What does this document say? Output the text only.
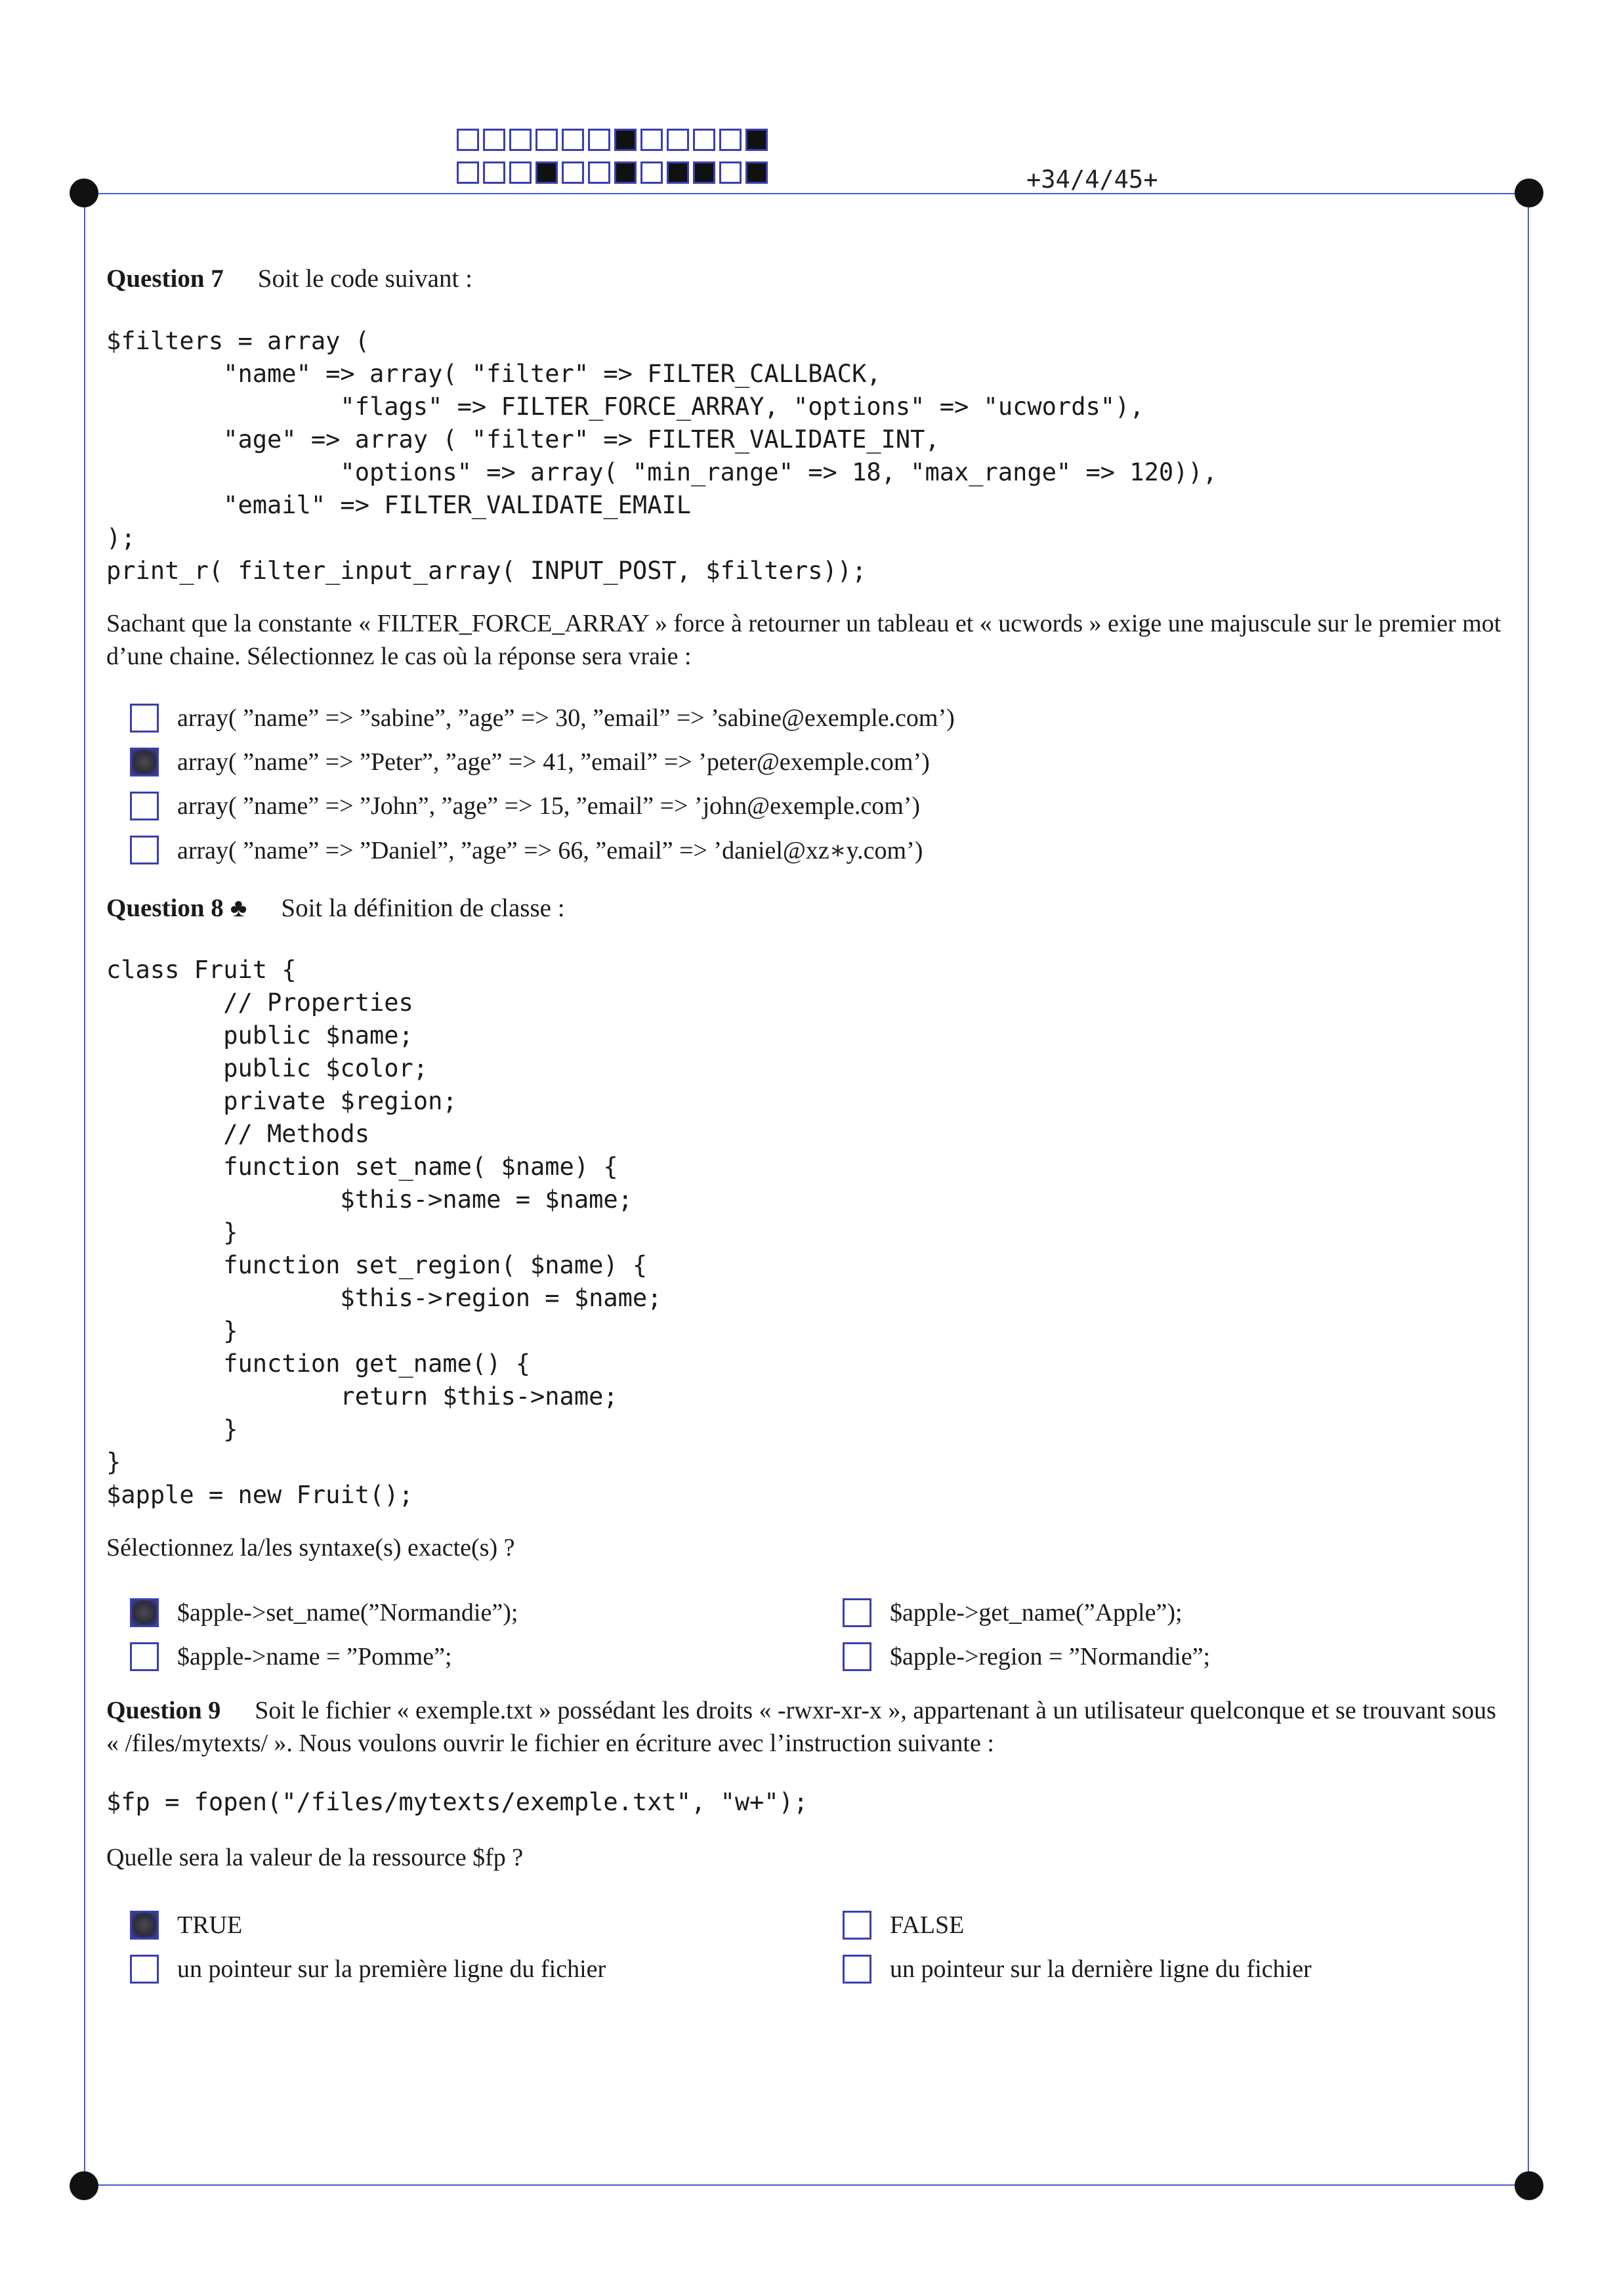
+34/4/45+
Question 7 Soit le code suivant :
$filters = array (
"name" => array( "filter" => FILTER_CALLBACK,
"flags" => FILTER_FORCE_ARRAY, "options" => "ucwords"),
"age" => array ( "filter" => FILTER_VALIDATE_INT,
"options" => array( "min_range" => 18, "max_range" => 120)),
"email" => FILTER_VALIDATE_EMAIL
);
print_r( filter_input_array( INPUT_POST, $filters));
Sachant que la constante « FILTER_FORCE_ARRAY » force à retourner un tableau et « ucwords » exige une majuscule sur le premier mot d’une chaine. Sélectionnez le cas où la réponse sera vraie :
array( ”name” => ”sabine”, ”age” => 30, ”email” => ’sabine@exemple.com’)
array( ”name” => ”Peter”, ”age” => 41, ”email” => ’peter@exemple.com’)
array( ”name” => ”John”, ”age” => 15, ”email” => ’john@exemple.com’)
array( ”name” => ”Daniel”, ”age” => 66, ”email” => ’daniel@xz∗y.com’)
Question 8 ♣ Soit la définition de classe :
class Fruit {
// Properties
public $name;
public $color;
private $region;
// Methods
function set_name( $name) {
$this->name = $name;
}
function set_region( $name) {
$this->region = $name;
}
function get_name() {
return $this->name;
}
}
$apple = new Fruit();
Sélectionnez la/les syntaxe(s) exacte(s) ?
$apple->set_name(”Normandie”);	$apple->get_name(”Apple”);
$apple->name = ”Pomme”;	$apple->region = ”Normandie”;
Question 9 Soit le fichier « exemple.txt » possédant les droits « -rwxr-xr-x », appartenant à un utilisateur quelconque et se trouvant sous « /files/mytexts/ ». Nous voulons ouvrir le fichier en écriture avec l’instruction suivante :
$fp = fopen("/files/mytexts/exemple.txt", "w+");
Quelle sera la valeur de la ressource $fp ?
TRUE	FALSE
un pointeur sur la première ligne du fichier	un pointeur sur la dernière ligne du fichier
